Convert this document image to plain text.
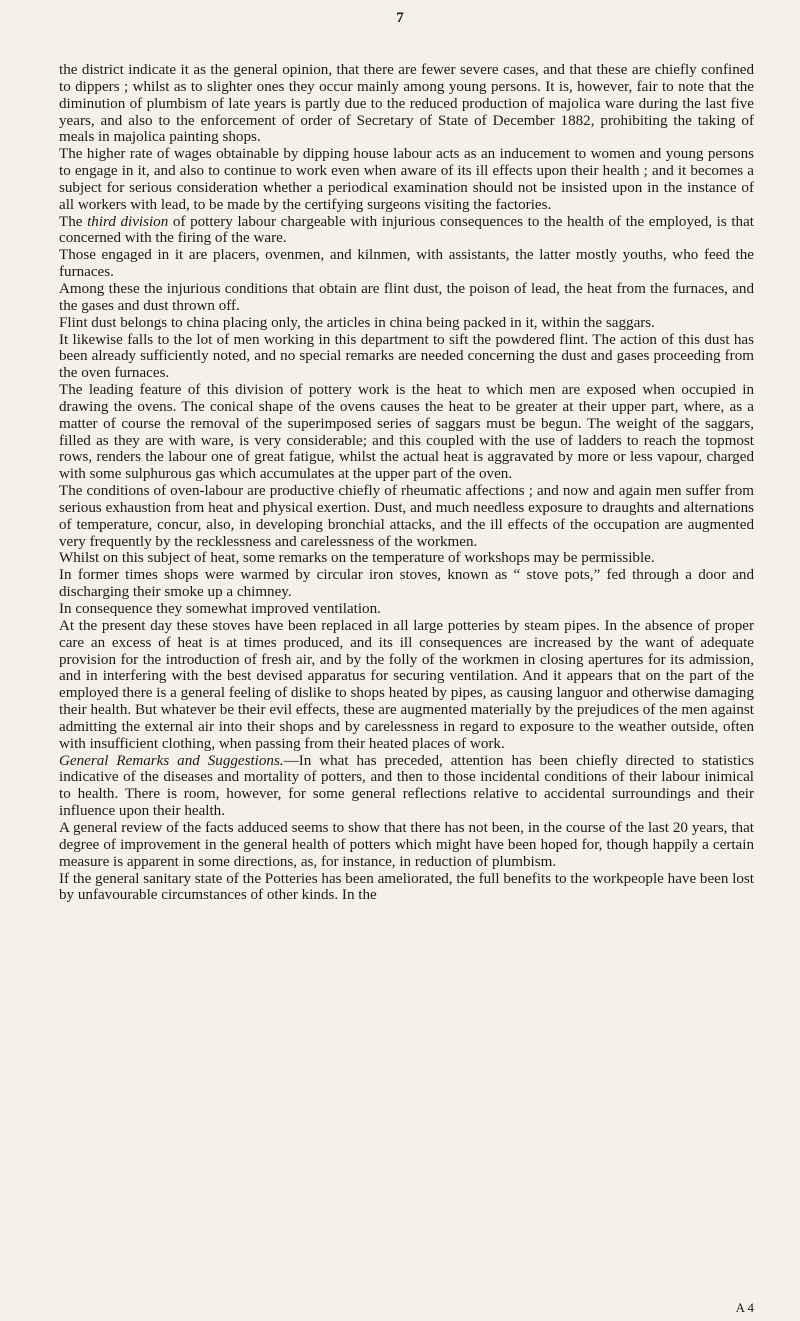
7

the district indicate it as the general opinion, that there are fewer severe cases, and that these are chiefly confined to dippers ; whilst as to slighter ones they occur mainly among young persons. It is, however, fair to note that the diminution of plumbism of late years is partly due to the reduced production of majolica ware during the last five years, and also to the enforcement of order of Secretary of State of December 1882, prohibiting the taking of meals in majolica painting shops.

The higher rate of wages obtainable by dipping house labour acts as an inducement to women and young persons to engage in it, and also to continue to work even when aware of its ill effects upon their health ; and it becomes a subject for serious consideration whether a periodical examination should not be insisted upon in the instance of all workers with lead, to be made by the certifying surgeons visiting the factories.

The third division of pottery labour chargeable with injurious consequences to the health of the employed, is that concerned with the firing of the ware.

Those engaged in it are placers, ovenmen, and kilnmen, with assistants, the latter mostly youths, who feed the furnaces.

Among these the injurious conditions that obtain are flint dust, the poison of lead, the heat from the furnaces, and the gases and dust thrown off.

Flint dust belongs to china placing only, the articles in china being packed in it, within the saggars.

It likewise falls to the lot of men working in this department to sift the powdered flint. The action of this dust has been already sufficiently noted, and no special remarks are needed concerning the dust and gases proceeding from the oven furnaces.

The leading feature of this division of pottery work is the heat to which men are exposed when occupied in drawing the ovens. The conical shape of the ovens causes the heat to be greater at their upper part, where, as a matter of course the removal of the superimposed series of saggars must be begun. The weight of the saggars, filled as they are with ware, is very considerable; and this coupled with the use of ladders to reach the topmost rows, renders the labour one of great fatigue, whilst the actual heat is aggravated by more or less vapour, charged with some sulphurous gas which accumulates at the upper part of the oven.

The conditions of oven-labour are productive chiefly of rheumatic affections ; and now and again men suffer from serious exhaustion from heat and physical exertion. Dust, and much needless exposure to draughts and alternations of temperature, concur, also, in developing bronchial attacks, and the ill effects of the occupation are augmented very frequently by the recklessness and carelessness of the workmen.

Whilst on this subject of heat, some remarks on the temperature of workshops may be permissible.

In former times shops were warmed by circular iron stoves, known as “ stove pots,” fed through a door and discharging their smoke up a chimney.

In consequence they somewhat improved ventilation.

At the present day these stoves have been replaced in all large potteries by steam pipes. In the absence of proper care an excess of heat is at times produced, and its ill consequences are increased by the want of adequate provision for the introduction of fresh air, and by the folly of the workmen in closing apertures for its admission, and in interfering with the best devised apparatus for securing ventilation. And it appears that on the part of the employed there is a general feeling of dislike to shops heated by pipes, as causing languor and otherwise damaging their health. But whatever be their evil effects, these are augmented materially by the prejudices of the men against admitting the external air into their shops and by carelessness in regard to exposure to the weather outside, often with insufficient clothing, when passing from their heated places of work.

General Remarks and Suggestions.—In what has preceded, attention has been chiefly directed to statistics indicative of the diseases and mortality of potters, and then to those incidental conditions of their labour inimical to health. There is room, however, for some general reflections relative to accidental surroundings and their influence upon their health.

A general review of the facts adduced seems to show that there has not been, in the course of the last 20 years, that degree of improvement in the general health of potters which might have been hoped for, though happily a certain measure is apparent in some directions, as, for instance, in reduction of plumbism.

If the general sanitary state of the Potteries has been ameliorated, the full benefits to the workpeople have been lost by unfavourable circumstances of other kinds. In the

A 4
